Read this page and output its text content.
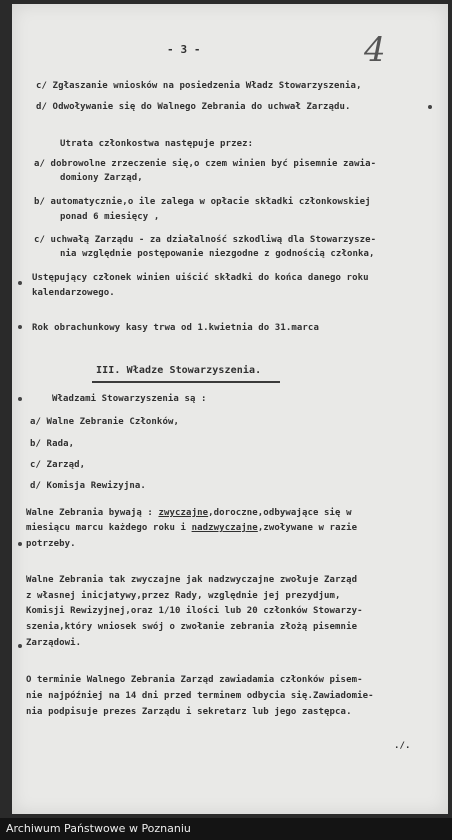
- 3 -	4
c/ Zgłaszanie wniosków na posiedzenia Władz Stowarzyszenia,
d/ Odwoływanie się do Walnego Zebrania do uchwał Zarządu.
Utrata członkostwa następuje przez:
a/ dobrowolne zrzeczenie się,o czem winien być pisemnie zawia-
domiony Zarząd,
b/ automatycznie,o ile zalega w opłacie składki członkowskiej
ponad 6 miesięcy ,
c/ uchwałą Zarządu - za działalność szkodliwą dla Stowarzysze-
nia względnie postępowanie niezgodne z godnością członka,
Ustępujący członek winien uiścić składki do końca danego roku
kalendarzowego.
Rok obrachunkowy kasy trwa od 1.kwietnia do 31.marca
III. Władze Stowarzyszenia.
Władzami Stowarzyszenia są :
a/ Walne Zebranie Członków,
b/ Rada,
c/ Zarząd,
d/ Komisja Rewizyjna.
Walne Zebrania bywają : zwyczajne,doroczne,odbywające się w
miesiącu marcu każdego roku i nadzwyczajne,zwoływane w razie
potrzeby.
Walne Zebrania tak zwyczajne jak nadzwyczajne zwołuje Zarząd
z własnej inicjatywy,przez Rady, względnie jej prezydjum,
Komisji Rewizyjnej,oraz 1/10 ilości lub 20 członków Stowarzy-
szenia,który wniosek swój o zwołanie zebrania złożą pisemnie
Zarządowi.
O terminie Walnego Zebrania Zarząd zawiadamia członków pisem-
nie najpóźniej na 14 dni przed terminem odbycia się.Zawiadomie-
nia podpisuje prezes Zarządu i sekretarz lub jego zastępca.
./.
Archiwum Państwowe w Poznaniu
